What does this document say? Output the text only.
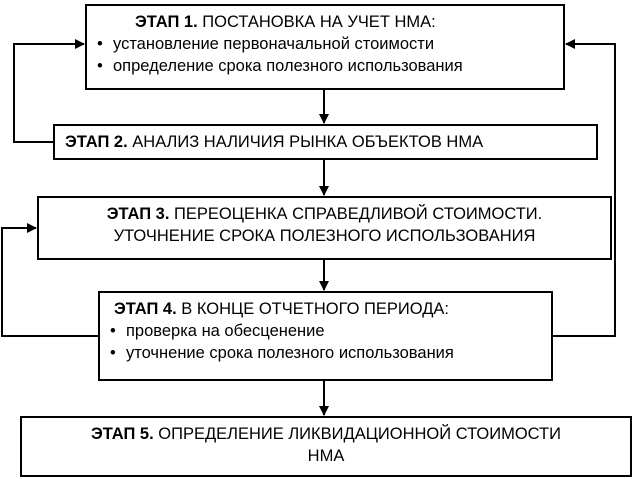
ЭТАП 1. ПОСТАНОВКА НА УЧЕТ НМА:
• установление первоначальной стоимости
• определение срока полезного использования
ЭТАП 2. АНАЛИЗ НАЛИЧИЯ РЫНКА ОБЪЕКТОВ НМА
ЭТАП 3. ПЕРЕОЦЕНКА СПРАВЕДЛИВОЙ СТОИМОСТИ.
УТОЧНЕНИЕ СРОКА ПОЛЕЗНОГО ИСПОЛЬЗОВАНИЯ
ЭТАП 4. В КОНЦЕ ОТЧЕТНОГО ПЕРИОДА:
• проверка на обесценение
• уточнение срока полезного использования
ЭТАП 5. ОПРЕДЕЛЕНИЕ ЛИКВИДАЦИОННОЙ СТОИМОСТИ
НМА
